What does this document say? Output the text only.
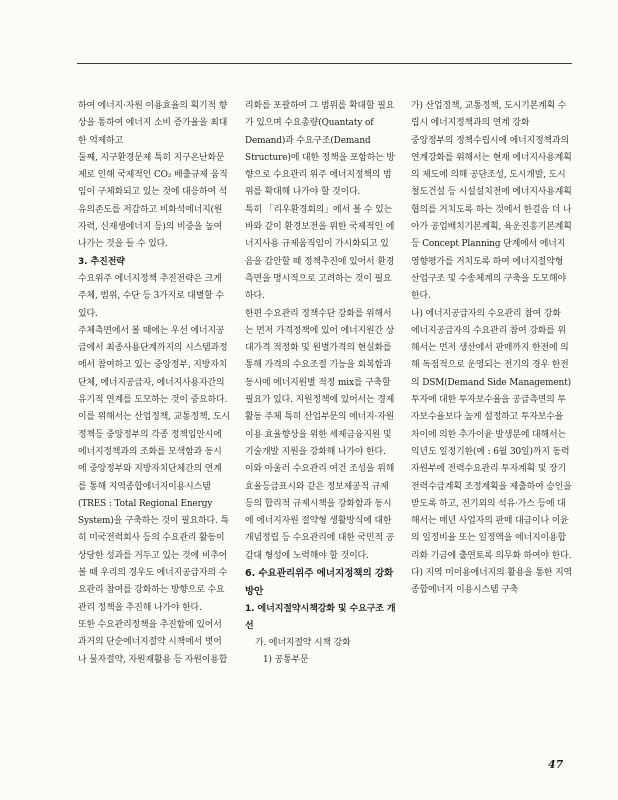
하여 에너지·자원 이용효율의 획기적 향상을 통하여 에너지 소비 증가율을 최대한 억제하고

둘째, 지구환경문제 특히 지구온난화문제로 인해 국제적인 CO₂ 배출규제 움직임이 구체화되고 있는 것에 대응하여 석유의존도를 저감하고 비화석에너지(원자력, 신재생에너지 등)의 비중을 높여 나가는 것을 들 수 있다.

3. 추진전략

수요위주 에너지정책 추진전략은 크게 주체, 범위, 수단 등 3가지로 대별할 수 있다.

주체측면에서 볼 때에는 우선 에너지공급에서 최종사용단계까지의 시스템과정에서 참여하고 있는 중앙정부, 지방자치단체, 에너지공급자, 에너지사용자간의 유기적 연계를 도모하는 것이 중요하다. 이를 위해서는 산업정책, 교통정책, 도시정책등 중앙정부의 각종 정책입안시에 에너지정책과의 조화를 모색함과 동시에 중앙정부와 지방자치단체간의 연계를 통해 지역종합에너지이용시스템(TRES : Total Regional Energy System)을 구축하는 것이 필요하다. 특히 미국전력회사 등의 수요관리 활동이 상당한 성과를 거두고 있는 것에 비추어 볼 때 우리의 경우도 에너지공급자의 수요관리 참여를 강화하는 방향으로 수요관리 정책을 추진해 나가야 한다.

또한 수요관리정책을 추진함에 있어서 과거의 단순에너지절약 시책에서 벗어나 물자절약, 자원재활용 등 자원이용합

리화를 포괄하여 그 범위를 확대할 필요가 있으며 수요총량(Quantaty of Demand)과 수요구조(Demand Structure)에 대한 정책을 포함하는 방향으로 수요관리 위주 에너지정책의 범위를 확대해 나가야 할 것이다.

특히 「리우환경회의」에서 볼 수 있는 바와 같이 환경보전을 위한 국제적인 에너지사용 규제움직임이 가시화되고 있음을 감안할 때 정책추진에 있어서 환경측면을 명시적으로 고려하는 것이 필요하다.

한편 수요관리 정책수단 강화를 위해서는 먼저 가격정책에 있어 에너지원간 상대가격 적정화 및 원별가격의 현실화를 통해 가격의 수요조절 기능을 회복함과 동시에 에너지원별 적정 mix를 구축할 필요가 있다. 지원정책에 있어서는 경제활동 주체 특히 산업부문의 에너지·자원이용 효율향상을 위한 세제금융지원 및 기술개발 지원을 강화해 나가야 한다.

이와 아울러 수요관리 여건 조성을 위해 효율등급표시와 같은 정보제공적 규제 등의 합리적 규제시책을 강화함과 동시에 에너지자원 절약형 생활방식에 대한 개념정립 등 수요관리에 대한 국민적 공감대 형성에 노력해야 할 것이다.

6. 수요관리위주 에너지정책의 강화방안

1. 에너지절약시책강화 및 수요구조 개선

가. 에너지절약 시책 강화

1) 공통부문

가) 산업정책, 교통정책, 도시기본계획 수립시 에너지정책과의 연계 강화

중앙정부의 정책수립시에 에너지정책과의 연계강화를 위해서는 현재 에너지사용계획의 제도에 의해 공단조성, 도시개발, 도시철도건설 등 시설설치전에 에너지사용계획 협의를 거치도록 하는 것에서 한걸음 더 나아가 공업배치기본계획, 육운진흥기본계획 등 Concept Planning 단계에서 에너지영향평가를 거치도록 하여 에너지절약형 산업구조 및 수송체계의 구축을 도모해야 한다.

나) 에너지공급자의 수요관리 참여 강화

에너지공급자의 수요관리 참여 강화를 위해서는 먼저 생산에서 판매까지 한전에 의해 독점적으로 운영되는 전기의 경우 한전의 DSM(Demand Side Management)투자에 대한 투자보수율을 공급측면의 투자보수율보다 높게 설정하고 투자보수율 차이에 의한 추가이윤 발생분에 대해서는 익년도 일정기한(예 : 6월 30일)까지 동력자원부에 전력수요관리 투자계획 및 장기전력수급계획 조정계획을 제출하여 승인을 받도록 하고, 전기외의 석유·가스 등에 대해서는 매년 사업자의 판매 대금이나 이윤의 일정비율 또는 일정액을 에너지이용합리화 기금에 출연토록 의무화 하여야 한다.

다) 지역 미이용에너지의 활용을 통한 지역종합에너지 이용시스템 구축

47
